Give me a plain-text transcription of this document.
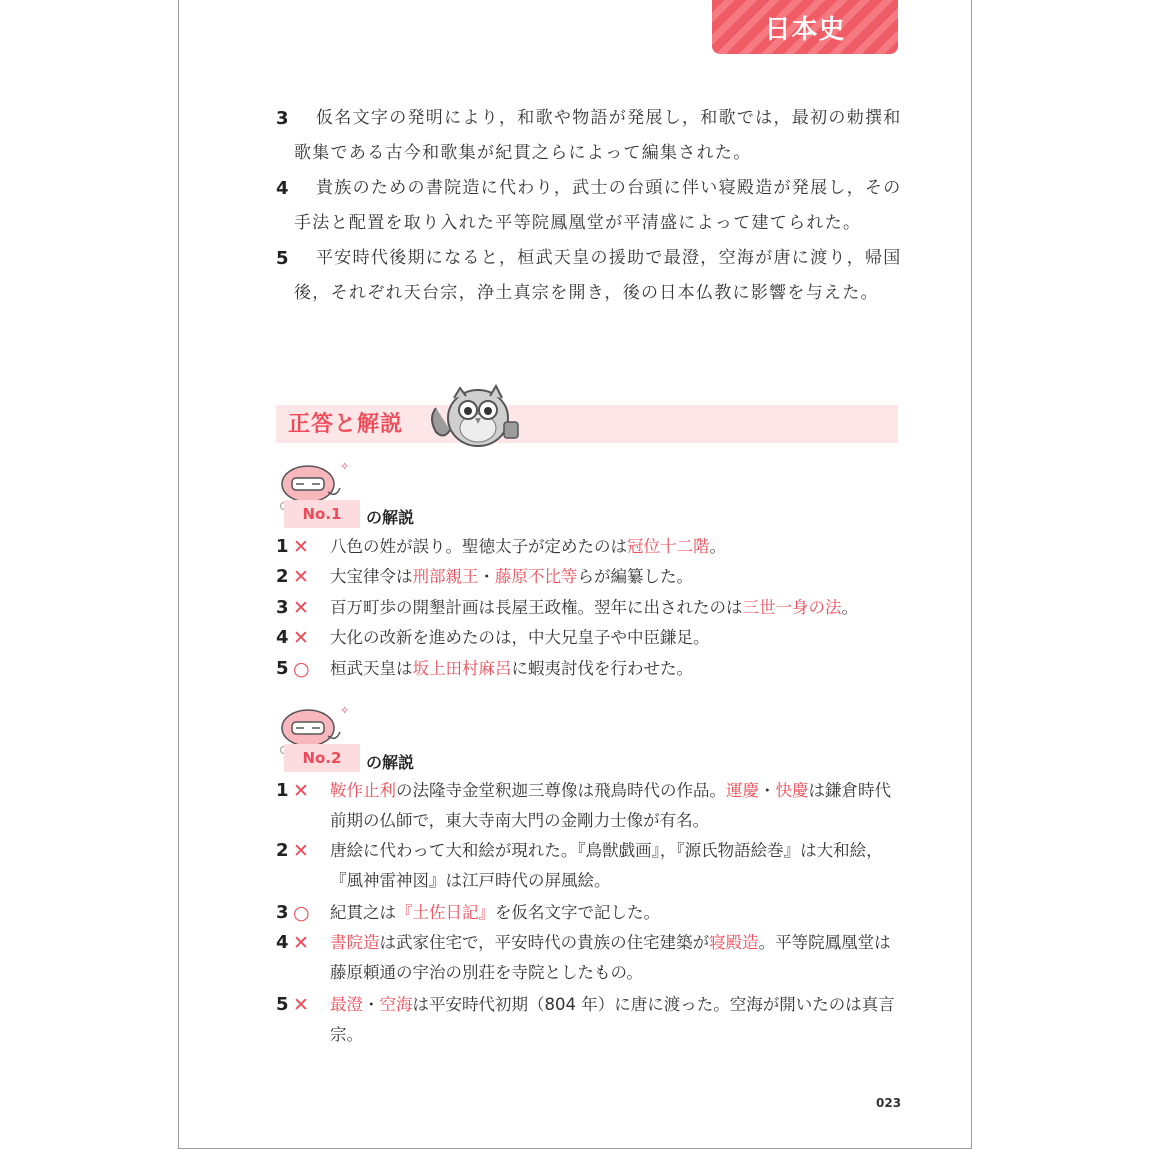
日本史
3 仮名文字の発明により，和歌や物語が発展し，和歌では，最初の勅撰和
歌集である古今和歌集が紀貫之らによって編集された。
4 貴族のための書院造に代わり，武士の台頭に伴い寝殿造が発展し，その
手法と配置を取り入れた平等院鳳凰堂が平清盛によって建てられた。
5 平安時代後期になると，桓武天皇の援助で最澄，空海が唐に渡り，帰国
後，それぞれ天台宗，浄土真宗を開き，後の日本仏教に影響を与えた。
正答と解説
✧
No.1	の解説
1 ✕	八色の姓が誤り。聖徳太子が定めたのは冠位十二階。
2 ✕	大宝律令は刑部親王・藤原不比等らが編纂した。
3 ✕	百万町歩の開墾計画は長屋王政権。翌年に出されたのは三世一身の法。
4 ✕	大化の改新を進めたのは，中大兄皇子や中臣鎌足。
5 ○	桓武天皇は坂上田村麻呂に蝦夷討伐を行わせた。
✧
No.2	の解説
1 ✕	鞍作止利の法隆寺金堂釈迦三尊像は飛鳥時代の作品。運慶・快慶は鎌倉時代前期の仏師で，東大寺南大門の金剛力士像が有名。
2 ✕	唐絵に代わって大和絵が現れた。『鳥獣戯画』，『源氏物語絵巻』は大和絵，『風神雷神図』は江戸時代の屏風絵。
3 ○	紀貫之は『土佐日記』を仮名文字で記した。
4 ✕	書院造は武家住宅で，平安時代の貴族の住宅建築が寝殿造。平等院鳳凰堂は藤原頼通の宇治の別荘を寺院としたもの。
5 ✕	最澄・空海は平安時代初期（804 年）に唐に渡った。空海が開いたのは真言宗。
023
